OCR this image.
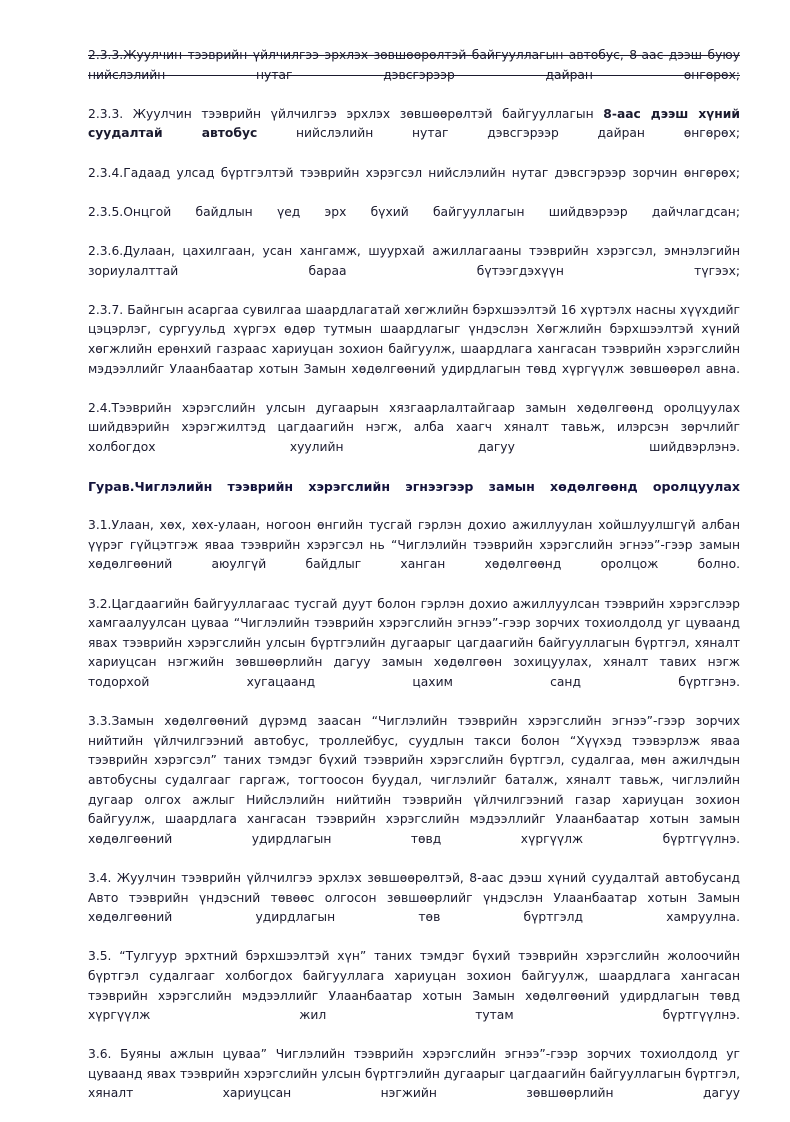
2.3.3.Жуулчин тээврийн үйлчилгээ эрхлэх зөвшөөрөлтэй байгууллагын автобус, 8-аас дээш буюу нийслэлийн нутаг дэвсгэрээр дайран өнгөрөх;

2.3.3. Жуулчин тээврийн үйлчилгээ эрхлэх зөвшөөрөлтэй байгууллагын 8-аас дээш хүний суудалтай автобус нийслэлийн нутаг дэвсгэрээр дайран өнгөрөх;

2.3.4.Гадаад улсад бүртгэлтэй тээврийн хэрэгсэл нийслэлийн нутаг дэвсгэрээр зорчин өнгөрөх;

2.3.5.Онцгой байдлын үед эрх бүхий байгууллагын шийдвэрээр дайчлагдсан;

2.3.6.Дулаан, цахилгаан, усан хангамж, шуурхай ажиллагааны тээврийн хэрэгсэл, эмнэлэгийн зориулалттай бараа бүтээгдэхүүн түгээх;

2.3.7. Байнгын асаргаа сувилгаа шаардлагатай хөгжлийн бэрхшээлтэй 16 хүртэлх насны хүүхдийг цэцэрлэг, сургуульд хүргэх өдөр тутмын шаардлагыг үндэслэн Хөгжлийн бэрхшээлтэй хүний хөгжлийн ерөнхий газраас хариуцан зохион байгуулж, шаардлага хангасан тээврийн хэрэгслийн мэдээллийг Улаанбаатар хотын Замын хөдөлгөөний удирдлагын төвд хүргүүлж зөвшөөрөл авна.

2.4.Тээврийн хэрэгслийн улсын дугаарын хязгаарлалтайгаар замын хөдөлгөөнд оролцуулах шийдвэрийн хэрэгжилтэд цагдаагийн нэгж, алба хаагч хяналт тавьж, илэрсэн зөрчлийг холбогдох хуулийн дагуу шийдвэрлэнэ.

Гурав.Чиглэлийн тээврийн хэрэгслийн эгнээгээр замын хөдөлгөөнд оролцуулах

3.1.Улаан, хөх, хөх-улаан, ногоон өнгийн тусгай гэрлэн дохио ажиллуулан хойшлуулшгүй албан үүрэг гүйцэтгэж яваа тээврийн хэрэгсэл нь “Чиглэлийн тээврийн хэрэгслийн эгнээ”-гээр замын хөдөлгөөний аюулгүй байдлыг ханган хөдөлгөөнд оролцож болно.

3.2.Цагдаагийн байгууллагаас тусгай дуут болон гэрлэн дохио ажиллуулсан тээврийн хэрэгслээр хамгаалуулсан цуваа “Чиглэлийн тээврийн хэрэгслийн эгнээ”-гээр зорчих тохиолдолд уг цуваанд явах тээврийн хэрэгслийн улсын бүртгэлийн дугаарыг цагдаагийн байгууллагын бүртгэл, хяналт хариуцсан нэгжийн зөвшөөрлийн дагуу замын хөдөлгөөн зохицуулах, хяналт тавих нэгж тодорхой хугацаанд цахим санд бүртгэнэ.

3.3.Замын хөдөлгөөний дүрэмд заасан “Чиглэлийн тээврийн хэрэгслийн эгнээ”-гээр зорчих нийтийн үйлчилгээний автобус, троллейбус, суудлын такси болон “Хүүхэд тээвэрлэж яваа тээврийн хэрэгсэл” таних тэмдэг бүхий тээврийн хэрэгслийн бүртгэл, судалгаа, мөн ажилчдын автобусны судалгааг гаргаж, тогтоосон буудал, чиглэлийг баталж, хяналт тавьж, чиглэлийн дугаар олгох ажлыг Нийслэлийн нийтийн тээврийн үйлчилгээний газар хариуцан зохион байгуулж, шаардлага хангасан тээврийн хэрэгслийн мэдээллийг Улаанбаатар хотын замын хөдөлгөөний удирдлагын төвд хүргүүлж бүртгүүлнэ.

3.4. Жуулчин тээврийн үйлчилгээ эрхлэх зөвшөөрөлтэй, 8-аас дээш хүний суудалтай автобусанд Авто тээврийн үндэсний төвөөс олгосон зөвшөөрлийг үндэслэн Улаанбаатар хотын Замын хөдөлгөөний удирдлагын төв бүртгэлд хамруулна.

3.5. “Тулгуур эрхтний бэрхшээлтэй хүн” таних тэмдэг бүхий тээврийн хэрэгслийн жолоочийн бүртгэл судалгааг холбогдох байгууллага хариуцан зохион байгуулж, шаардлага хангасан тээврийн хэрэгслийн мэдээллийг Улаанбаатар хотын Замын хөдөлгөөний удирдлагын төвд хүргүүлж жил тутам бүртгүүлнэ.

3.6. Буяны ажлын цуваа” Чиглэлийн тээврийн хэрэгслийн эгнээ”-гээр зорчих тохиолдолд уг цуваанд явах тээврийн хэрэгслийн улсын бүртгэлийн дугаарыг цагдаагийн байгууллагын бүртгэл, хяналт хариуцсан нэгжийн зөвшөөрлийн дагуу
